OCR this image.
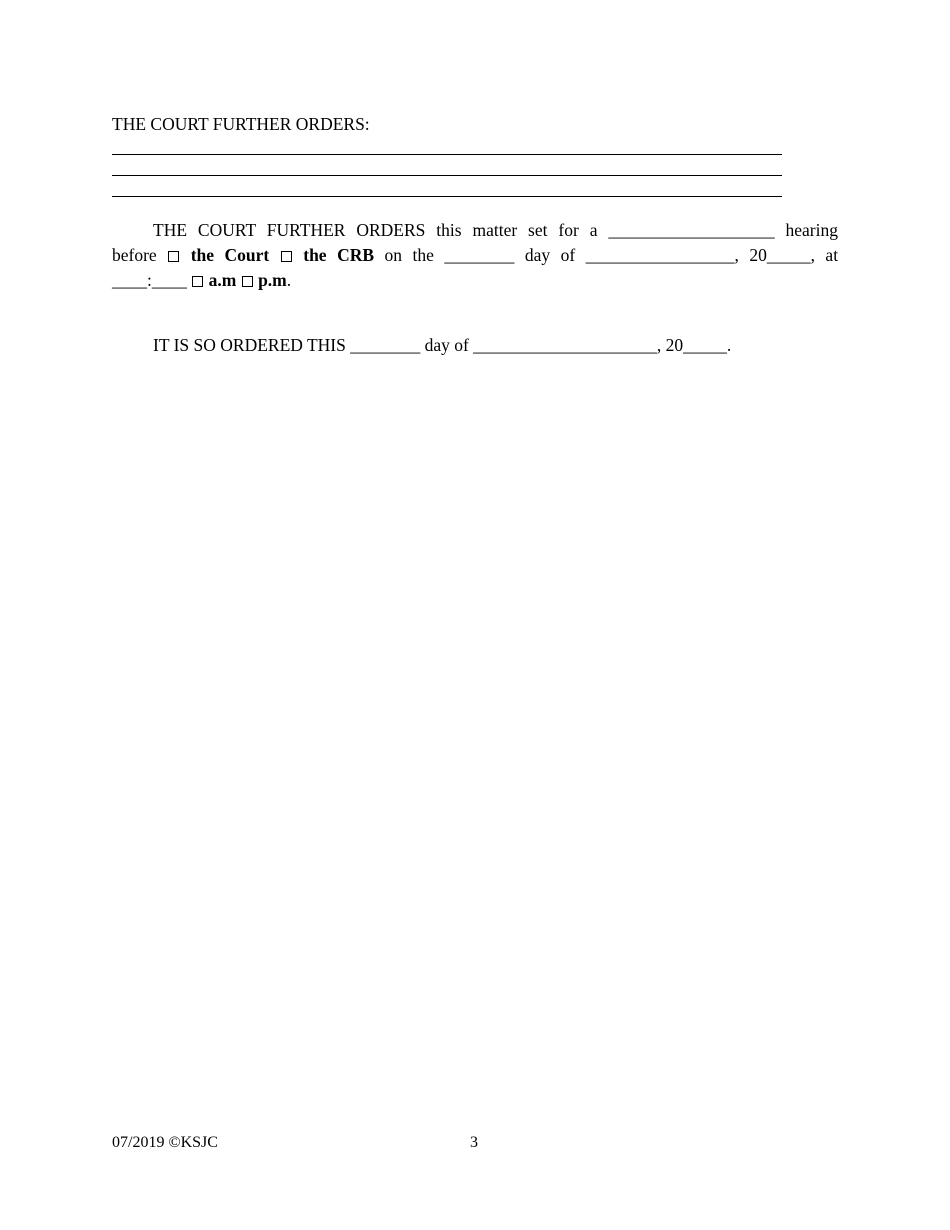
THE COURT FURTHER ORDERS:
THE COURT FURTHER ORDERS this matter set for a ___________________ hearing
before the Court the CRB on the ________ day of _________________, 20_____, at
____:____ a.m p.m.

IT IS SO ORDERED THIS ________ day of _____________________, 20_____.

07/2019 ©KSJC	3
